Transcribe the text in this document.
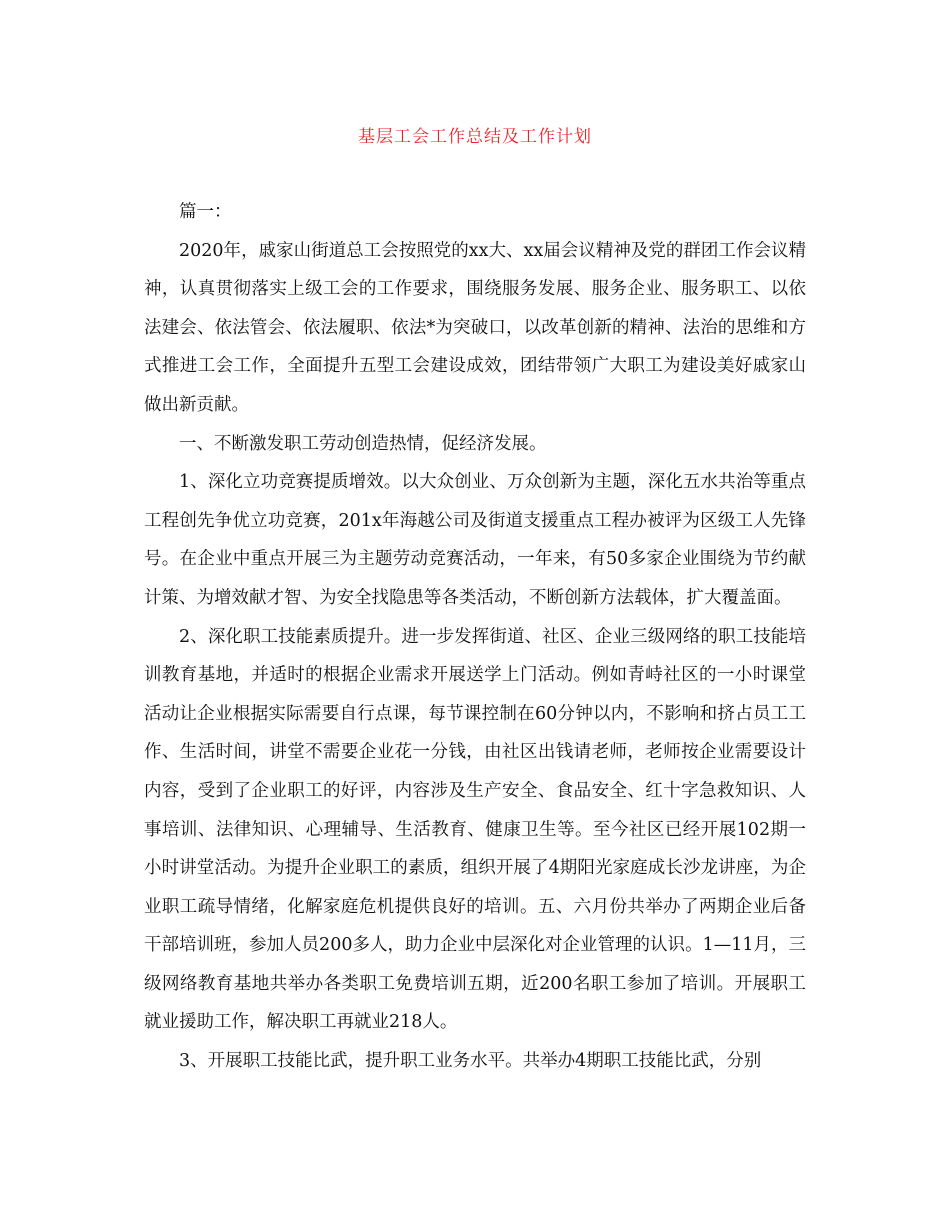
基层工会工作总结及工作计划

篇一：

2020年，戚家山街道总工会按照党的xx大、xx届会议精神及党的群团工作会议精神，认真贯彻落实上级工会的工作要求，围绕服务发展、服务企业、服务职工、以依法建会、依法管会、依法履职、依法*为突破口，以改革创新的精神、法治的思维和方式推进工会工作，全面提升五型工会建设成效，团结带领广大职工为建设美好戚家山做出新贡献。

一、不断激发职工劳动创造热情，促经济发展。

1、深化立功竞赛提质增效。以大众创业、万众创新为主题，深化五水共治等重点工程创先争优立功竞赛，201x年海越公司及街道支援重点工程办被评为区级工人先锋号。在企业中重点开展三为主题劳动竞赛活动，一年来，有50多家企业围绕为节约献计策、为增效献才智、为安全找隐患等各类活动，不断创新方法载体，扩大覆盖面。

2、深化职工技能素质提升。进一步发挥街道、社区、企业三级网络的职工技能培训教育基地，并适时的根据企业需求开展送学上门活动。例如青峙社区的一小时课堂活动让企业根据实际需要自行点课，每节课控制在60分钟以内，不影响和挤占员工工作、生活时间，讲堂不需要企业花一分钱，由社区出钱请老师，老师按企业需要设计内容，受到了企业职工的好评，内容涉及生产安全、食品安全、红十字急救知识、人事培训、法律知识、心理辅导、生活教育、健康卫生等。至今社区已经开展102期一小时讲堂活动。为提升企业职工的素质，组织开展了4期阳光家庭成长沙龙讲座，为企业职工疏导情绪，化解家庭危机提供良好的培训。五、六月份共举办了两期企业后备干部培训班，参加人员200多人，助力企业中层深化对企业管理的认识。1—11月，三级网络教育基地共举办各类职工免费培训五期，近200名职工参加了培训。开展职工就业援助工作，解决职工再就业218人。

3、开展职工技能比武，提升职工业务水平。共举办4期职工技能比武，分别
